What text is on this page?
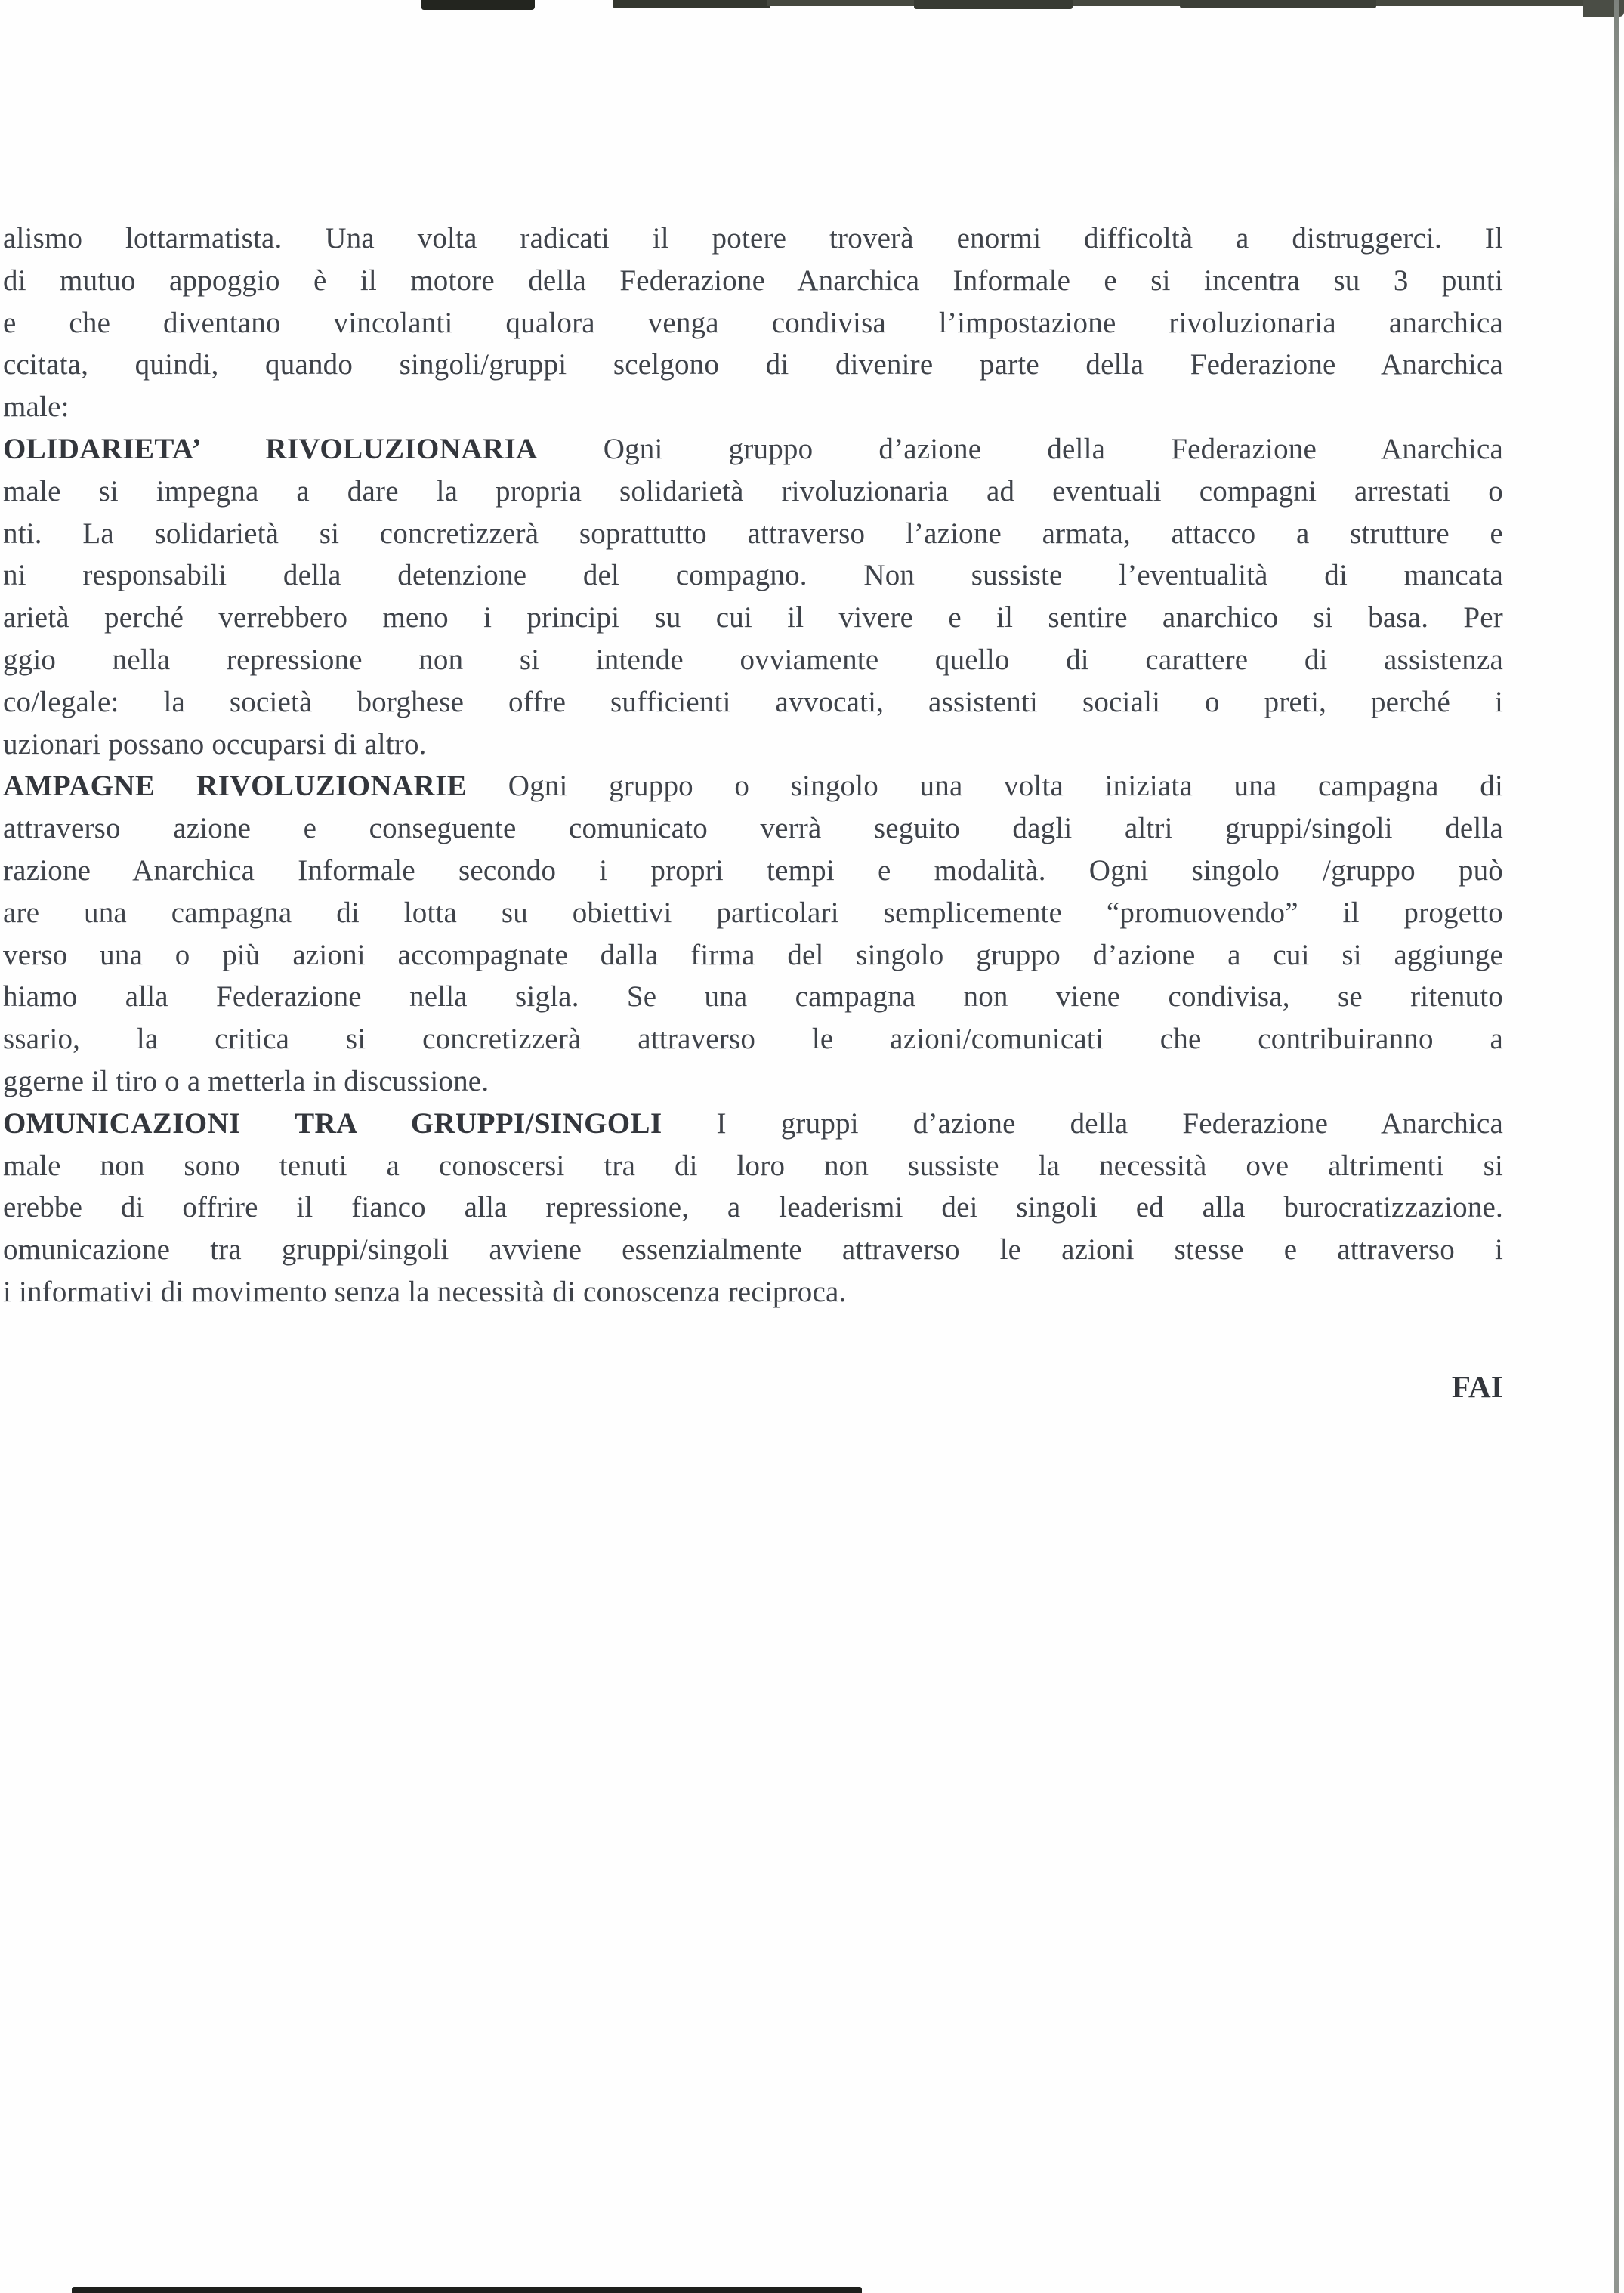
alismo lottarmatista. Una volta radicati il potere troverà enormi difficoltà a distruggerci. Il
di mutuo appoggio è il motore della Federazione Anarchica Informale e si incentra su 3 punti
e che diventano vincolanti qualora venga condivisa l’impostazione rivoluzionaria anarchica
ccitata, quindi, quando singoli/gruppi scelgono di divenire parte della Federazione Anarchica
male:
OLIDARIETA’ RIVOLUZIONARIA Ogni gruppo d’azione della Federazione Anarchica
male si impegna a dare la propria solidarietà rivoluzionaria ad eventuali compagni arrestati o
nti. La solidarietà si concretizzerà soprattutto attraverso l’azione armata, attacco a strutture e
ni responsabili della detenzione del compagno. Non sussiste l’eventualità di mancata
arietà perché verrebbero meno i principi su cui il vivere e il sentire anarchico si basa. Per
ggio nella repressione non si intende ovviamente quello di carattere di assistenza
co/legale: la società borghese offre sufficienti avvocati, assistenti sociali o preti, perché i
uzionari possano occuparsi di altro.
AMPAGNE RIVOLUZIONARIE Ogni gruppo o singolo una volta iniziata una campagna di
attraverso azione e conseguente comunicato verrà seguito dagli altri gruppi/singoli della
razione Anarchica Informale secondo i propri tempi e modalità. Ogni singolo /gruppo può
are una campagna di lotta su obiettivi particolari semplicemente “promuovendo” il progetto
verso una o più azioni accompagnate dalla firma del singolo gruppo d’azione a cui si aggiunge
hiamo alla Federazione nella sigla. Se una campagna non viene condivisa, se ritenuto
ssario, la critica si concretizzerà attraverso le azioni/comunicati che contribuiranno a
ggerne il tiro o a metterla in discussione.
OMUNICAZIONI TRA GRUPPI/SINGOLI I gruppi d’azione della Federazione Anarchica
male non sono tenuti a conoscersi tra di loro non sussiste la necessità ove altrimenti si
erebbe di offrire il fianco alla repressione, a leaderismi dei singoli ed alla burocratizzazione.
omunicazione tra gruppi/singoli avviene essenzialmente attraverso le azioni stesse e attraverso i
i informativi di movimento senza la necessità di conoscenza reciproca.
FAI
